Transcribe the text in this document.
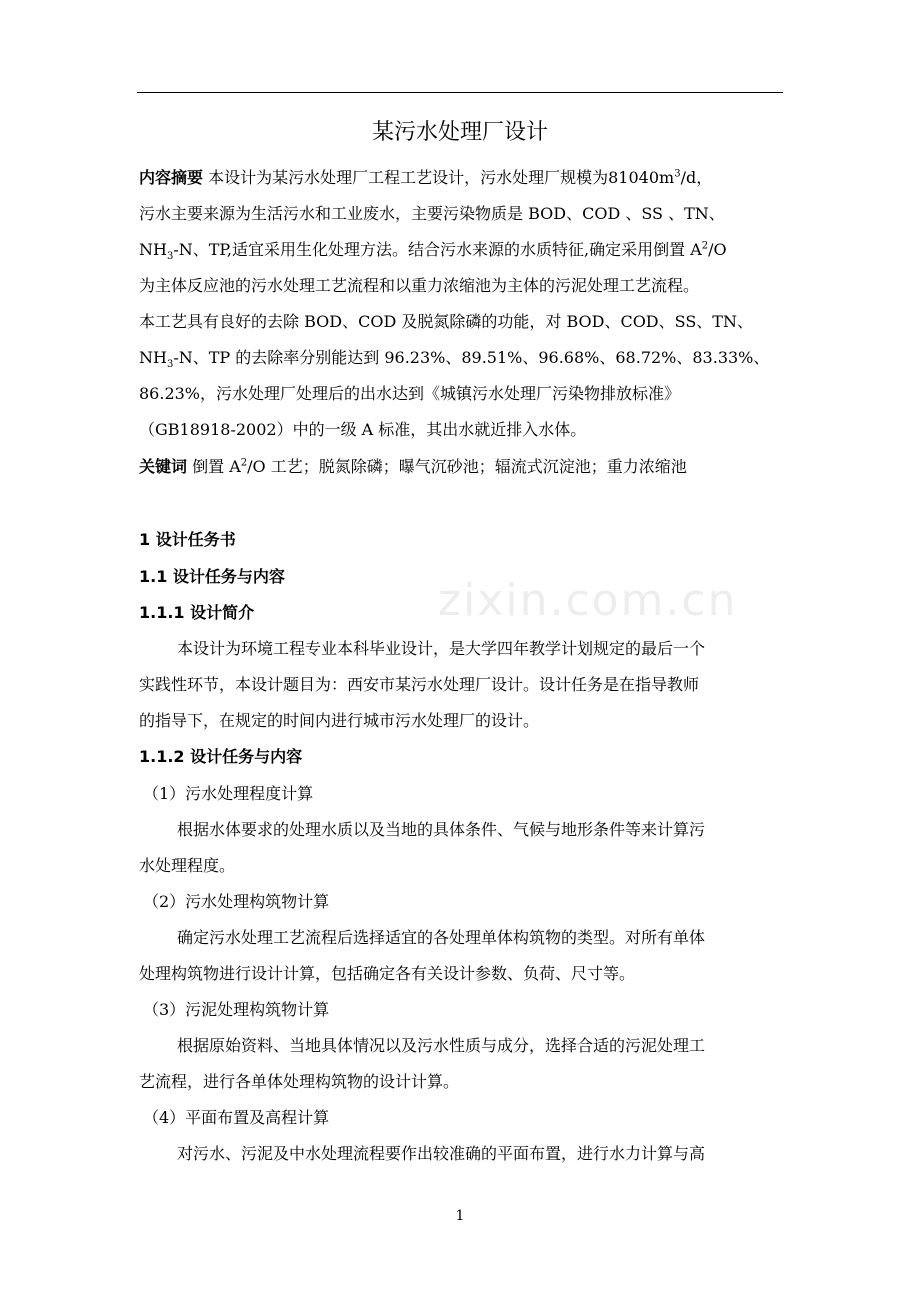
某污水处理厂设计
内容摘要 本设计为某污水处理厂工程工艺设计，污水处理厂规模为$81040m^3/d$，
污水主要来源为生活污水和工业废水，主要污染物质是 BOD、COD 、SS 、TN、
$NH_3-N$、TP,适宜采用生化处理方法。结合污水来源的水质特征,确定采用倒置 $A^2/O$
为主体反应池的污水处理工艺流程和以重力浓缩池为主体的污泥处理工艺流程。
本工艺具有良好的去除 BOD、COD 及脱氮除磷的功能，对 BOD、COD、SS、TN、
$NH_3-N$、TP 的去除率分别能达到 96.23%、89.51%、96.68%、68.72%、83.33%、
86.23%，污水处理厂处理后的出水达到《城镇污水处理厂污染物排放标准》
（GB18918-2002）中的一级 A 标准，其出水就近排入水体。
关键词 倒置 $A^2/O$ 工艺；脱氮除磷；曝气沉砂池；辐流式沉淀池；重力浓缩池
1 设计任务书
1.1 设计任务与内容
1.1.1 设计简介
本设计为环境工程专业本科毕业设计，是大学四年教学计划规定的最后一个
实践性环节，本设计题目为：西安市某污水处理厂设计。设计任务是在指导教师
的指导下，在规定的时间内进行城市污水处理厂的设计。
1.1.2 设计任务与内容
（1）污水处理程度计算
根据水体要求的处理水质以及当地的具体条件、气候与地形条件等来计算污
水处理程度。
（2）污水处理构筑物计算
确定污水处理工艺流程后选择适宜的各处理单体构筑物的类型。对所有单体
处理构筑物进行设计计算，包括确定各有关设计参数、负荷、尺寸等。
（3）污泥处理构筑物计算
根据原始资料、当地具体情况以及污水性质与成分，选择合适的污泥处理工
艺流程，进行各单体处理构筑物的设计计算。
（4）平面布置及高程计算
对污水、污泥及中水处理流程要作出较准确的平面布置，进行水力计算与高
zixin.com.cn
1
